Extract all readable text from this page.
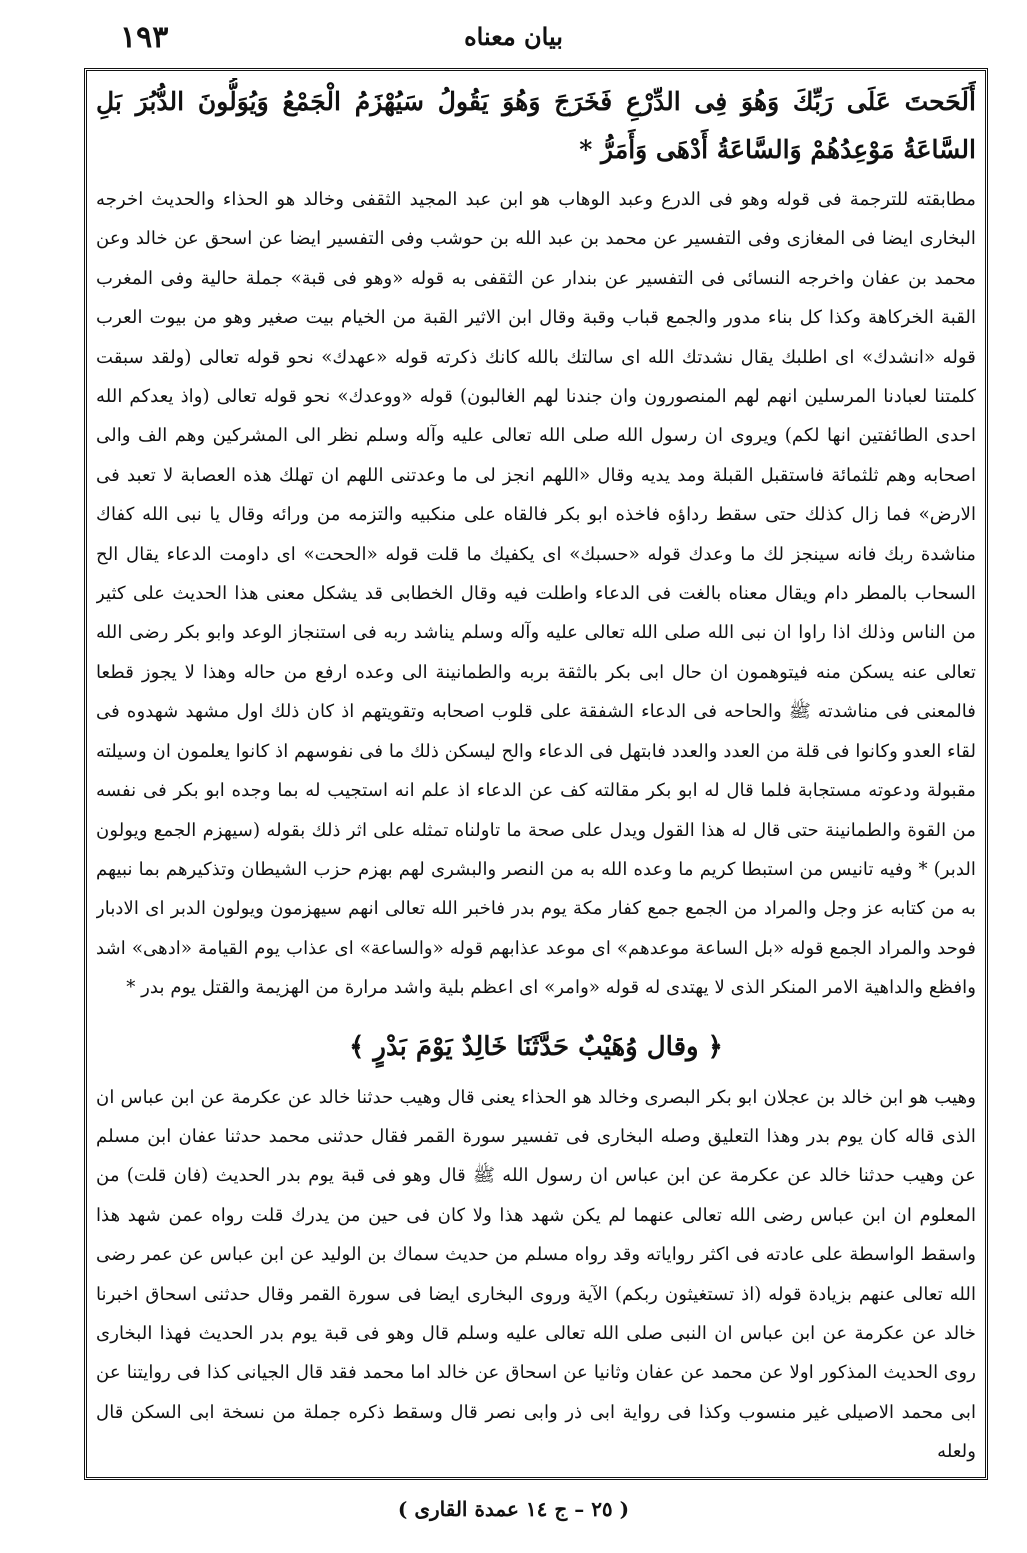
۱۹۳	بيان معناه

أَلَحَحتَ عَلَى رَبِّكَ وَهُوَ فِى الدِّرْعِ فَخَرَجَ وَهُوَ يَقُولُ سَيُهْزَمُ الْجَمْعُ وَيُوَلُّونَ الدُّبُرَ بَلِ السَّاعَةُ مَوْعِدُهُمْ وَالسَّاعَةُ أَدْهَى وَأَمَرُّ *

مطابقته للترجمة فى قوله وهو فى الدرع وعبد الوهاب هو ابن عبد المجيد الثقفى وخالد هو الحذاء والحديث اخرجه البخارى ايضا فى المغازى وفى التفسير عن محمد بن عبد الله بن حوشب وفى التفسير ايضا عن اسحق عن خالد وعن محمد بن عفان واخرجه النسائى فى التفسير عن بندار عن الثقفى به قوله «وهو فى قبة» جملة حالية وفى المغرب القبة الخركاهة وكذا كل بناء مدور والجمع قباب وقبة وقال ابن الاثير القبة من الخيام بيت صغير وهو من بيوت العرب قوله «انشدك» اى اطلبك يقال نشدتك الله اى سالتك بالله كانك ذكرته قوله «عهدك» نحو قوله تعالى (ولقد سبقت كلمتنا لعبادنا المرسلين انهم لهم المنصورون وان جندنا لهم الغالبون) قوله «ووعدك» نحو قوله تعالى (واذ يعدكم الله احدى الطائفتين انها لكم) ويروى ان رسول الله صلى الله تعالى عليه وآله وسلم نظر الى المشركين وهم الف والى اصحابه وهم ثلثمائة فاستقبل القبلة ومد يديه وقال «اللهم انجز لى ما وعدتنى اللهم ان تهلك هذه العصابة لا تعبد فى الارض» فما زال كذلك حتى سقط رداؤه فاخذه ابو بكر فالقاه على منكبيه والتزمه من ورائه وقال يا نبى الله كفاك مناشدة ربك فانه سينجز لك ما وعدك قوله «حسبك» اى يكفيك ما قلت قوله «الححت» اى داومت الدعاء يقال الح السحاب بالمطر دام ويقال معناه بالغت فى الدعاء واطلت فيه وقال الخطابى قد يشكل معنى هذا الحديث على كثير من الناس وذلك اذا راوا ان نبى الله صلى الله تعالى عليه وآله وسلم يناشد ربه فى استنجاز الوعد وابو بكر رضى الله تعالى عنه يسكن منه فيتوهمون ان حال ابى بكر بالثقة بربه والطمانينة الى وعده ارفع من حاله وهذا لا يجوز قطعا فالمعنى فى مناشدته ﷺ والحاحه فى الدعاء الشفقة على قلوب اصحابه وتقويتهم اذ كان ذلك اول مشهد شهدوه فى لقاء العدو وكانوا فى قلة من العدد والعدد فابتهل فى الدعاء والح ليسكن ذلك ما فى نفوسهم اذ كانوا يعلمون ان وسيلته مقبولة ودعوته مستجابة فلما قال له ابو بكر مقالته كف عن الدعاء اذ علم انه استجيب له بما وجده ابو بكر فى نفسه من القوة والطمانينة حتى قال له هذا القول ويدل على صحة ما تاولناه تمثله على اثر ذلك بقوله (سيهزم الجمع ويولون الدبر) * وفيه تانيس من استبطا كريم ما وعده الله به من النصر والبشرى لهم بهزم حزب الشيطان وتذكيرهم بما نبيهم به من كتابه عز وجل والمراد من الجمع جمع كفار مكة يوم بدر فاخبر الله تعالى انهم سيهزمون ويولون الدبر اى الادبار فوحد والمراد الجمع قوله «بل الساعة موعدهم» اى موعد عذابهم قوله «والساعة» اى عذاب يوم القيامة «ادهى» اشد وافظع والداهية الامر المنكر الذى لا يهتدى له قوله «وامر» اى اعظم بلية واشد مرارة من الهزيمة والقتل يوم بدر *

﴿ وقال وُهَيْبٌ حَدَّثَنَا خَالِدٌ يَوْمَ بَدْرٍ ﴾

وهيب هو ابن خالد بن عجلان ابو بكر البصرى وخالد هو الحذاء يعنى قال وهيب حدثنا خالد عن عكرمة عن ابن عباس ان الذى قاله كان يوم بدر وهذا التعليق وصله البخارى فى تفسير سورة القمر فقال حدثنى محمد حدثنا عفان ابن مسلم عن وهيب حدثنا خالد عن عكرمة عن ابن عباس ان رسول الله ﷺ قال وهو فى قبة يوم بدر الحديث (فان قلت) من المعلوم ان ابن عباس رضى الله تعالى عنهما لم يكن شهد هذا ولا كان فى حين من يدرك قلت رواه عمن شهد هذا واسقط الواسطة على عادته فى اكثر رواياته وقد رواه مسلم من حديث سماك بن الوليد عن ابن عباس عن عمر رضى الله تعالى عنهم بزيادة قوله (اذ تستغيثون ربكم) الآية وروى البخارى ايضا فى سورة القمر وقال حدثنى اسحاق اخبرنا خالد عن عكرمة عن ابن عباس ان النبى صلى الله تعالى عليه وسلم قال وهو فى قبة يوم بدر الحديث فهذا البخارى روى الحديث المذكور اولا عن محمد عن عفان وثانيا عن اسحاق عن خالد اما محمد فقد قال الجيانى كذا فى روايتنا عن ابى محمد الاصيلى غير منسوب وكذا فى رواية ابى ذر وابى نصر قال وسقط ذكره جملة من نسخة ابى السكن قال ولعله

( ٢٥ – ج ١٤ عمدة القارى )
